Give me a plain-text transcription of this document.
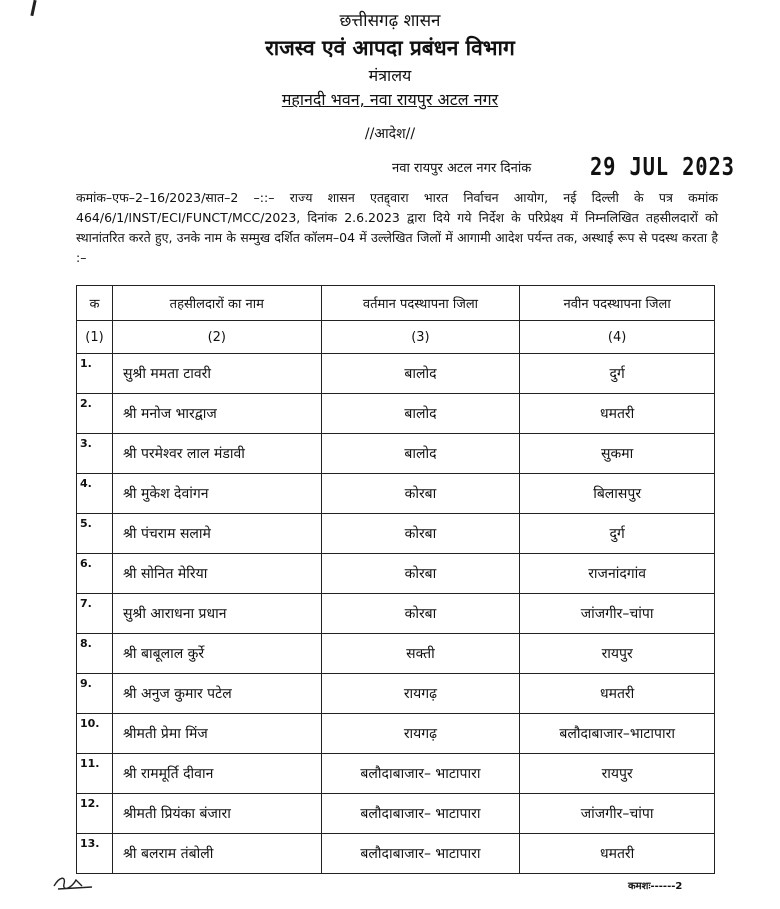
छत्तीसगढ़ शासन
राजस्व एवं आपदा प्रबंधन विभाग
मंत्रालय
महानदी भवन, नवा रायपुर अटल नगर
//आदेश//
नवा रायपुर अटल नगर दिनांक 29 JUL 2023
कमांक–एफ–2–16/2023/सात–2 –::– राज्य शासन एतद्द्वारा भारत निर्वाचन आयोग, नई दिल्ली के पत्र कमांक 464/6/1/INST/ECI/FUNCT/MCC/2023, दिनांक 2.6.2023 द्वारा दिये गये निर्देश के परिप्रेक्ष्य में निम्नलिखित तहसीलदारों को स्थानांतरित करते हुए, उनके नाम के सम्मुख दर्शित कॉलम–04 में उल्लेखित जिलों में आगामी आदेश पर्यन्त तक, अस्थाई रूप से पदस्थ करता है :–
क	तहसीलदारों का नाम	वर्तमान पदस्थापना जिला	नवीन पदस्थापना जिला
(1)	(2)	(3)	(4)
1.	सुश्री ममता टावरी	बालोद	दुर्ग
2.	श्री मनोज भारद्वाज	बालोद	धमतरी
3.	श्री परमेश्वर लाल मंडावी	बालोद	सुकमा
4.	श्री मुकेश देवांगन	कोरबा	बिलासपुर
5.	श्री पंचराम सलामे	कोरबा	दुर्ग
6.	श्री सोनित मेरिया	कोरबा	राजनांदगांव
7.	सुश्री आराधना प्रधान	कोरबा	जांजगीर–चांपा
8.	श्री बाबूलाल कुर्रे	सक्ती	रायपुर
9.	श्री अनुज कुमार पटेल	रायगढ़	धमतरी
10.	श्रीमती प्रेमा मिंज	रायगढ़	बलौदाबाजार–भाटापारा
11.	श्री राममूर्ति दीवान	बलौदाबाजार– भाटापारा	रायपुर
12.	श्रीमती प्रियंका बंजारा	बलौदाबाजार– भाटापारा	जांजगीर–चांपा
13.	श्री बलराम तंबोली	बलौदाबाजार– भाटापारा	धमतरी
कमशः------2
